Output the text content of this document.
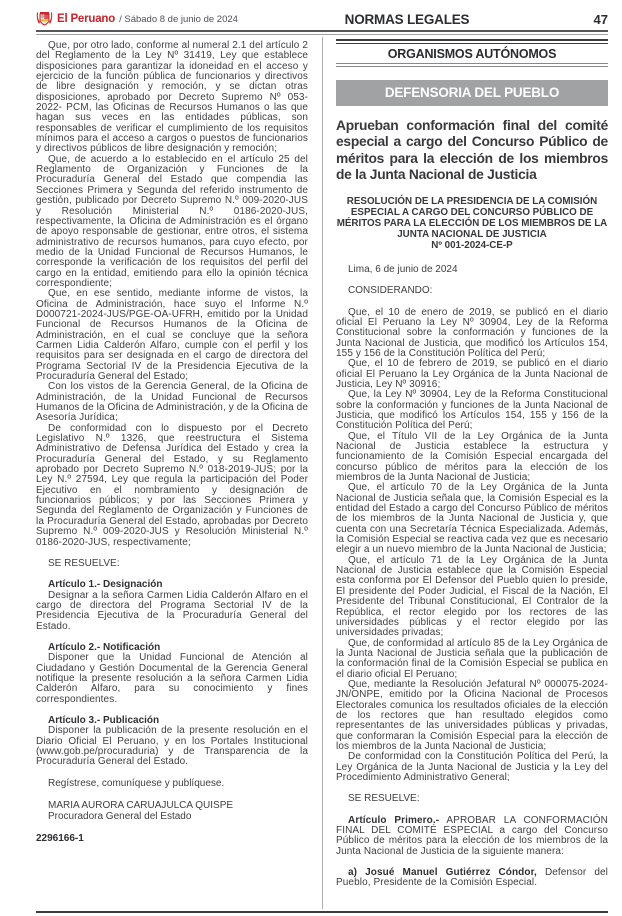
El Peruano / Sábado 8 de junio de 2024	NORMAS LEGALES	47

Que, por otro lado, conforme al numeral 2.1 del artículo 2 del Reglamento de la Ley Nº 31419, Ley que establece disposiciones para garantizar la idoneidad en el acceso y ejercicio de la función pública de funcionarios y directivos de libre designación y remoción, y se dictan otras disposiciones, aprobado por Decreto Supremo Nº 053-2022- PCM, las Oficinas de Recursos Humanos o las que hagan sus veces en las entidades públicas, son responsables de verificar el cumplimiento de los requisitos mínimos para el acceso a cargos o puestos de funcionarios y directivos públicos de libre designación y remoción;

Que, de acuerdo a lo establecido en el artículo 25 del Reglamento de Organización y Funciones de la Procuraduría General del Estado que compendia las Secciones Primera y Segunda del referido instrumento de gestión, publicado por Decreto Supremo N.º 009-2020-JUS y Resolución Ministerial N.º 0186-2020-JUS, respectivamente, la Oficina de Administración es el órgano de apoyo responsable de gestionar, entre otros, el sistema administrativo de recursos humanos, para cuyo efecto, por medio de la Unidad Funcional de Recursos Humanos, le corresponde la verificación de los requisitos del perfil del cargo en la entidad, emitiendo para ello la opinión técnica correspondiente;

Que, en ese sentido, mediante informe de vistos, la Oficina de Administración, hace suyo el Informe N.º D000721-2024-JUS/PGE-OA-UFRH, emitido por la Unidad Funcional de Recursos Humanos de la Oficina de Administración, en el cual se concluye que la señora Carmen Lidia Calderón Alfaro, cumple con el perfil y los requisitos para ser designada en el cargo de directora del Programa Sectorial IV de la Presidencia Ejecutiva de la Procuraduría General del Estado;

Con los vistos de la Gerencia General, de la Oficina de Administración, de la Unidad Funcional de Recursos Humanos de la Oficina de Administración, y de la Oficina de Asesoría Jurídica;

De conformidad con lo dispuesto por el Decreto Legislativo N.º 1326, que reestructura el Sistema Administrativo de Defensa Jurídica del Estado y crea la Procuraduría General del Estado, y su Reglamento aprobado por Decreto Supremo N.º 018-2019-JUS; por la Ley N.º 27594, Ley que regula la participación del Poder Ejecutivo en el nombramiento y designación de funcionarios públicos; y por las Secciones Primera y Segunda del Reglamento de Organización y Funciones de la Procuraduría General del Estado, aprobadas por Decreto Supremo N.º 009-2020-JUS y Resolución Ministerial N.º 0186-2020-JUS, respectivamente;

SE RESUELVE:

Artículo 1.- Designación

Designar a la señora Carmen Lidia Calderón Alfaro en el cargo de directora del Programa Sectorial IV de la Presidencia Ejecutiva de la Procuraduría General del Estado.

Artículo 2.- Notificación

Disponer que la Unidad Funcional de Atención al Ciudadano y Gestión Documental de la Gerencia General notifique la presente resolución a la señora Carmen Lidia Calderón Alfaro, para su conocimiento y fines correspondientes.

Artículo 3.- Publicación

Disponer la publicación de la presente resolución en el Diario Oficial El Peruano, y en los Portales Institucional (www.gob.pe/procuraduria) y de Transparencia de la Procuraduría General del Estado.

Regístrese, comuníquese y publíquese.

MARIA AURORA CARUAJULCA QUISPE

Procuradora General del Estado

2296166-1

ORGANISMOS AUTÓNOMOS
DEFENSORIA DEL PUEBLO
Aprueban conformación final del comité especial a cargo del Concurso Público de méritos para la elección de los miembros de la Junta Nacional de Justicia
RESOLUCIÓN DE LA PRESIDENCIA DE LA COMISIÓN ESPECIAL A CARGO DEL CONCURSO PÚBLICO DE MÉRITOS PARA LA ELECCIÓN DE LOS MIEMBROS DE LA JUNTA NACIONAL DE JUSTICIA
Nº 001-2024-CE-P

Lima, 6 de junio de 2024

CONSIDERANDO:

Que, el 10 de enero de 2019, se publicó en el diario oficial El Peruano la Ley Nº 30904, Ley de la Reforma Constitucional sobre la conformación y funciones de la Junta Nacional de Justicia, que modificó los Artículos 154, 155 y 156 de la Constitución Política del Perú;

Que, el 10 de febrero de 2019, se publicó en el diario oficial El Peruano la Ley Orgánica de la Junta Nacional de Justicia, Ley Nº 30916;

Que, la Ley Nº 30904, Ley de la Reforma Constitucional sobre la conformación y funciones de la Junta Nacional de Justicia, que modificó los Artículos 154, 155 y 156 de la Constitución Política del Perú;

Que, el Título VII de la Ley Orgánica de la Junta Nacional de Justicia establece la estructura y funcionamiento de la Comisión Especial encargada del concurso público de méritos para la elección de los miembros de la Junta Nacional de Justicia;

Que, el artículo 70 de la Ley Orgánica de la Junta Nacional de Justicia señala que, la Comisión Especial es la entidad del Estado a cargo del Concurso Público de méritos de los miembros de la Junta Nacional de Justicia y, que cuenta con una Secretaría Técnica Especializada. Además, la Comisión Especial se reactiva cada vez que es necesario elegir a un nuevo miembro de la Junta Nacional de Justicia;

Que, el artículo 71 de la Ley Orgánica de la Junta Nacional de Justicia establece que la Comisión Especial esta conforma por El Defensor del Pueblo quien lo preside, El presidente del Poder Judicial, el Fiscal de la Nación, El Presidente del Tribunal Constitucional, El Contralor de la República, el rector elegido por los rectores de las universidades públicas y el rector elegido por las universidades privadas;

Que, de conformidad al artículo 85 de la Ley Orgánica de la Junta Nacional de Justicia señala que la publicación de la conformación final de la Comisión Especial se publica en el diario oficial El Peruano;

Que, mediante la Resolución Jefatural Nº 000075-2024-JN/ONPE, emitido por la Oficina Nacional de Procesos Electorales comunica los resultados oficiales de la elección de los rectores que han resultado elegidos como representantes de las universidades públicas y privadas, que conformaran la Comisión Especial para la elección de los miembros de la Junta Nacional de Justicia;

De conformidad con la Constitución Política del Perú, la Ley Orgánica de la Junta Nacional de Justicia y la Ley del Procedimiento Administrativo General;

SE RESUELVE:

Artículo Primero.- APROBAR LA CONFORMACIÓN FINAL DEL COMITÉ ESPECIAL a cargo del Concurso Público de méritos para la elección de los miembros de la Junta Nacional de Justicia de la siguiente manera:

a) Josué Manuel Gutiérrez Cóndor, Defensor del Pueblo, Presidente de la Comisión Especial.
